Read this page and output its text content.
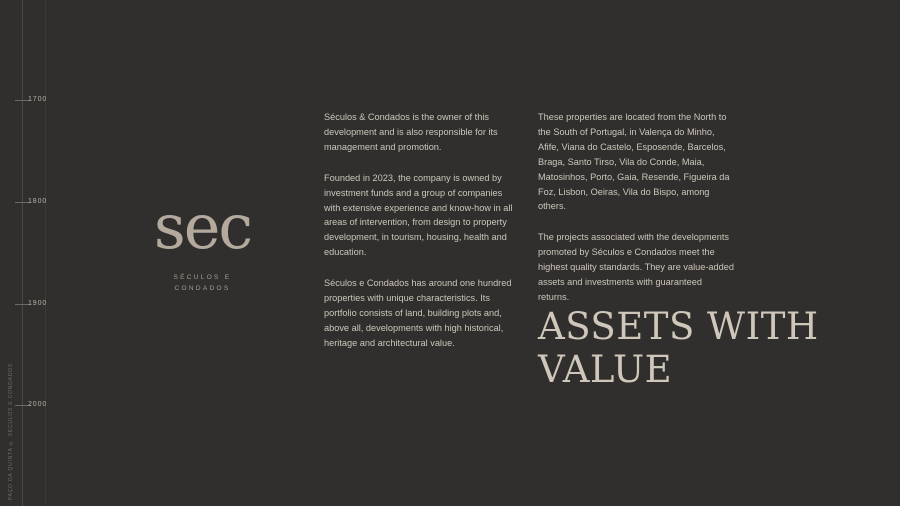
1700
1800
1900
2000
PAÇO DA QUINTA ® SÉCULOS E CONDADOS
sec
SÉCULOS E
CONDADOS

Séculos & Condados is the owner of this development and is also responsible for its management and promotion.

Founded in 2023, the company is owned by investment funds and a group of companies with extensive experience and know-how in all areas of intervention, from design to property development, in tourism, housing, health and education.

Séculos e Condados has around one hundred properties with unique characteristics. Its portfolio consists of land, building plots and, above all, developments with high historical, heritage and architectural value.

These properties are located from the North to the South of Portugal, in Valença do Minho, Afife, Viana do Castelo, Esposende, Barcelos, Braga, Santo Tirso, Vila do Conde, Maia, Matosinhos, Porto, Gaia, Resende, Figueira da Foz, Lisbon, Oeiras, Vila do Bispo, among others.

The projects associated with the developments promoted by Séculos e Condados meet the highest quality standards. They are value-added assets and investments with guaranteed returns.

ASSETS WITH VALUE
